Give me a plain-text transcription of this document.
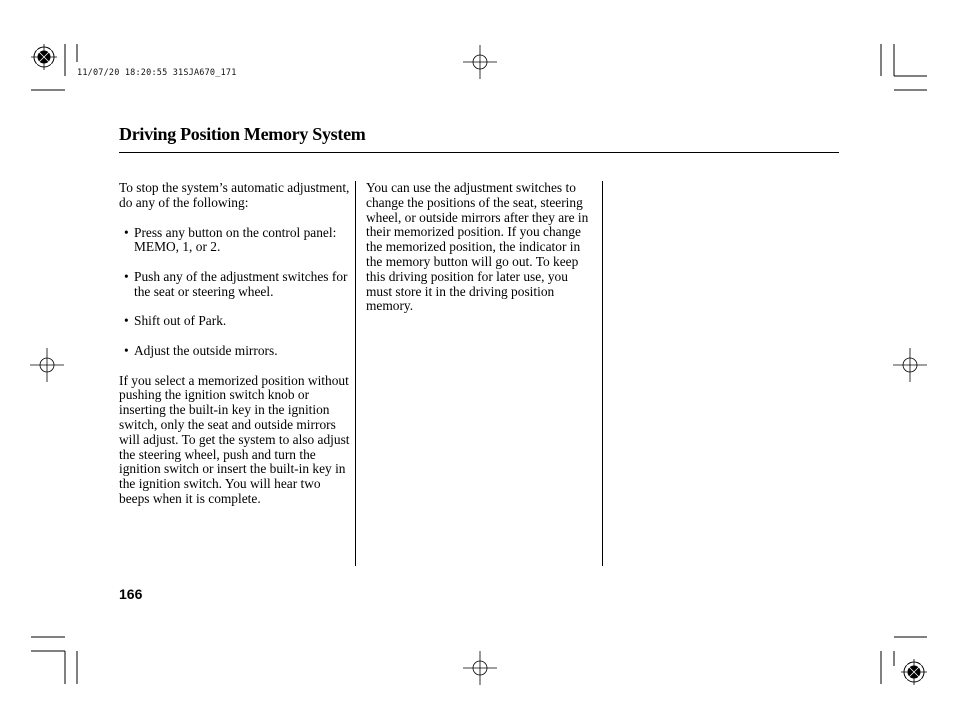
11/07/20 18:20:55 31SJA670_171
Driving Position Memory System

To stop the system’s automatic adjustment, do any of the following:

• Press any button on the control panel: MEMO, 1, or 2.
• Push any of the adjustment switches for the seat or steering wheel.
• Shift out of Park.
• Adjust the outside mirrors.

If you select a memorized position without pushing the ignition switch knob or inserting the built-in key in the ignition switch, only the seat and outside mirrors will adjust. To get the system to also adjust the steering wheel, push and turn the ignition switch or insert the built-in key in the ignition switch. You will hear two beeps when it is complete.

You can use the adjustment switches to change the positions of the seat, steering wheel, or outside mirrors after they are in their memorized position. If you change the memorized position, the indicator in the memory button will go out. To keep this driving position for later use, you must store it in the driving position memory.

166
